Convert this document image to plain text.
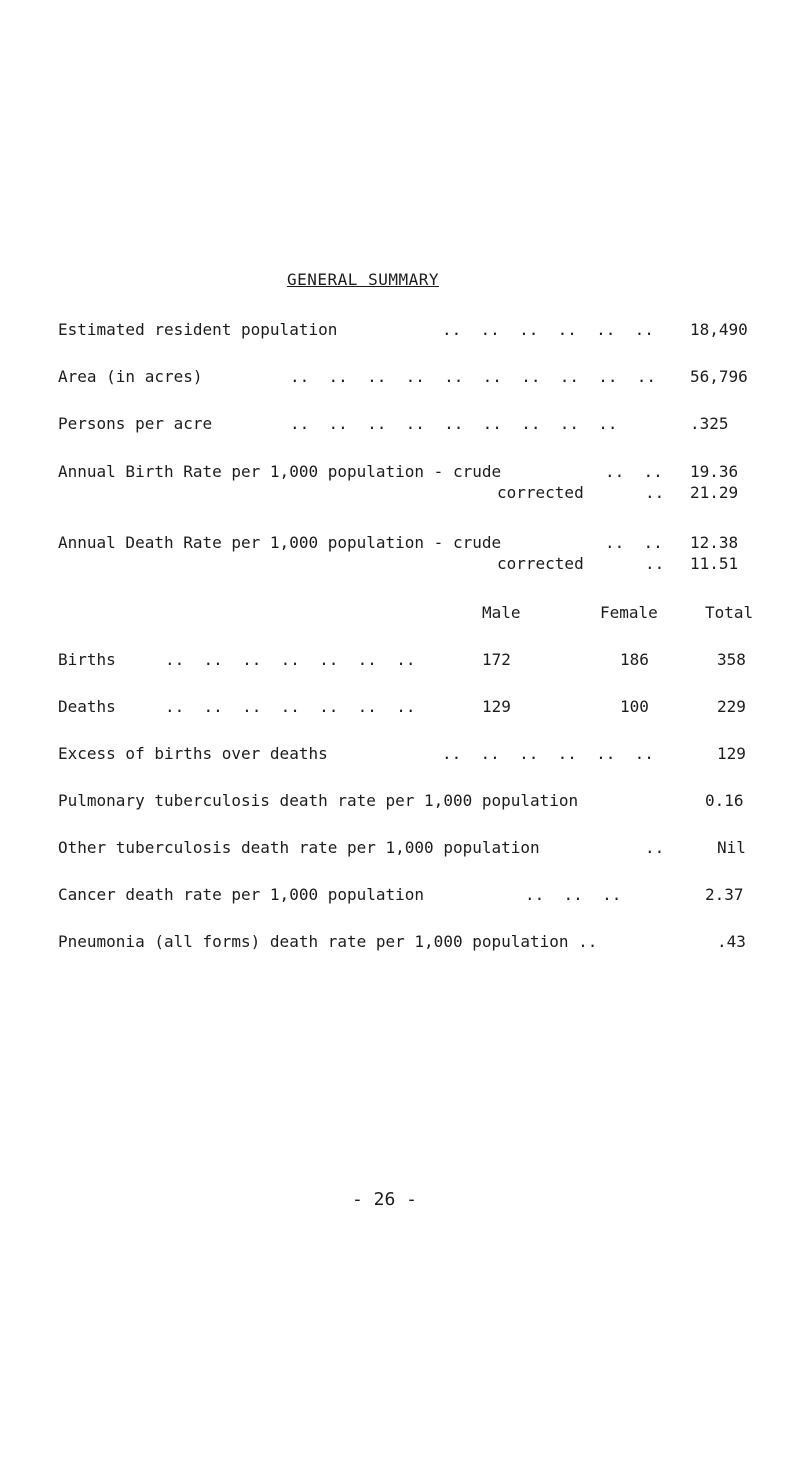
GENERAL SUMMARY
Estimated resident population	..  ..  ..  ..  ..  .. 18,490
Area (in acres)	..  ..  ..  ..  ..  ..  ..  ..  ..  .. 56,796
Persons per acre	..  ..  ..  ..  ..  ..  ..  ..  ..	.325
Annual Birth Rate per 1,000 population - crude	..  .. 19.36
corrected	.. 21.29
Annual Death Rate per 1,000 population - crude	..  .. 12.38
corrected	.. 11.51
Male	Female	Total
Births	..  ..  ..  ..  ..  ..  ..	172	186	358
Deaths	..  ..  ..  ..  ..  ..  ..	129	100	229
Excess of births over deaths	..  ..  ..  ..  ..  ..	129
Pulmonary tuberculosis death rate per 1,000 population	0.16
Other tuberculosis death rate per 1,000 population	..	Nil
Cancer death rate per 1,000 population	..  ..  ..	2.37
Pneumonia (all forms) death rate per 1,000 population ..	.43
- 26 -
